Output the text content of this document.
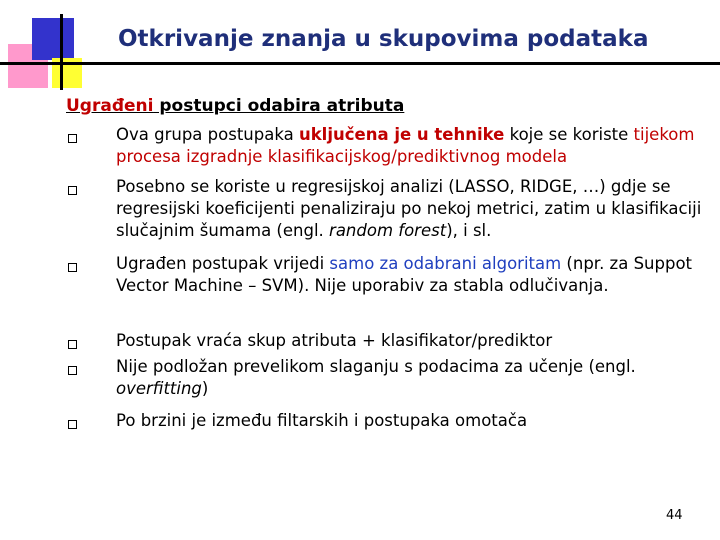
Otkrivanje znanja u skupovima podataka
Ugrađeni postupci odabira atributa
Ova grupa postupaka uključena je u tehnike koje se koriste tijekom procesa izgradnje klasifikacijskog/prediktivnog modela
Posebno se koriste u regresijskoj analizi (LASSO, RIDGE, …) gdje se regresijski koeficijenti penaliziraju po nekoj metrici, zatim u klasifikaciji slučajnim šumama (engl. random forest), i sl.
Ugrađen postupak vrijedi samo za odabrani algoritam (npr. za Suppot Vector Machine – SVM). Nije uporabiv za stabla odlučivanja.
Postupak vraća skup atributa + klasifikator/prediktor
Nije podložan prevelikom slaganju s podacima za učenje (engl. overfitting)
Po brzini je između filtarskih i postupaka omotača
44
